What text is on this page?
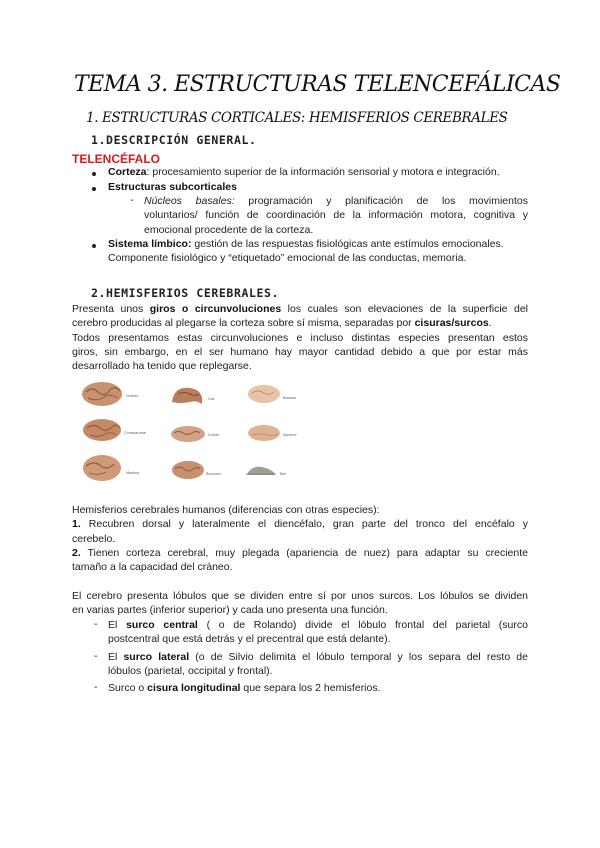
TEMA 3. ESTRUCTURAS TELENCEFÁLICAS
1. ESTRUCTURAS CORTICALES: HEMISFERIOS CEREBRALES
1.DESCRIPCIÓN GENERAL.
TELENCÉFALO
Corteza: procesamiento superior de la información sensorial y motora e integración.
Estructuras subcorticales
- Núcleos basales: programación y planificación de los movimientos
voluntarios/ función de coordinación de la información motora, cognitiva y
emocional procedente de la corteza.
Sistema límbico: gestión de las respuestas fisiológicas ante estímulos emocionales.
Componente fisiológico y “etiquetado” emocional de las conductas, memoria.
2.HEMISFERIOS CEREBRALES.
Presenta unos giros o circunvoluciones los cuales son elevaciones de la superficie del
cerebro producidas al plegarse la corteza sobre sí misma, separadas por cisuras/surcos.
Todos presentamos estas circunvoluciones e incluso distintas especies presentan estos
giros, sin embargo, en el ser humano hay mayor cantidad debido a que por estar más
desarrollado ha tenido que replegarse.
Human
Chimpanzee
Monkey
Cat
Camel
Raccoon
Baboon
Squirrel
Rat
Hemisferios cerebrales humanos (diferencias con otras especies):
1. Recubren dorsal y lateralmente el diencéfalo, gran parte del tronco del encéfalo y
cerebelo.
2. Tienen corteza cerebral, muy plegada (apariencia de nuez) para adaptar su creciente
tamaño a la capacidad del cráneo.
El cerebro presenta lóbulos que se dividen entre sí por unos surcos. Los lóbulos se dividen
en varias partes (inferior superior) y cada uno presenta una función.
- El surco central ( o de Rolando) divide el lóbulo frontal del parietal (surco
postcentral que está detrás y el precentral que está delante).
- El surco lateral (o de Silvio delimita el lóbulo temporal y los separa del resto de
lóbulos (parietal, occipital y frontal).
- Surco o cisura longitudinal que separa los 2 hemisferios.
